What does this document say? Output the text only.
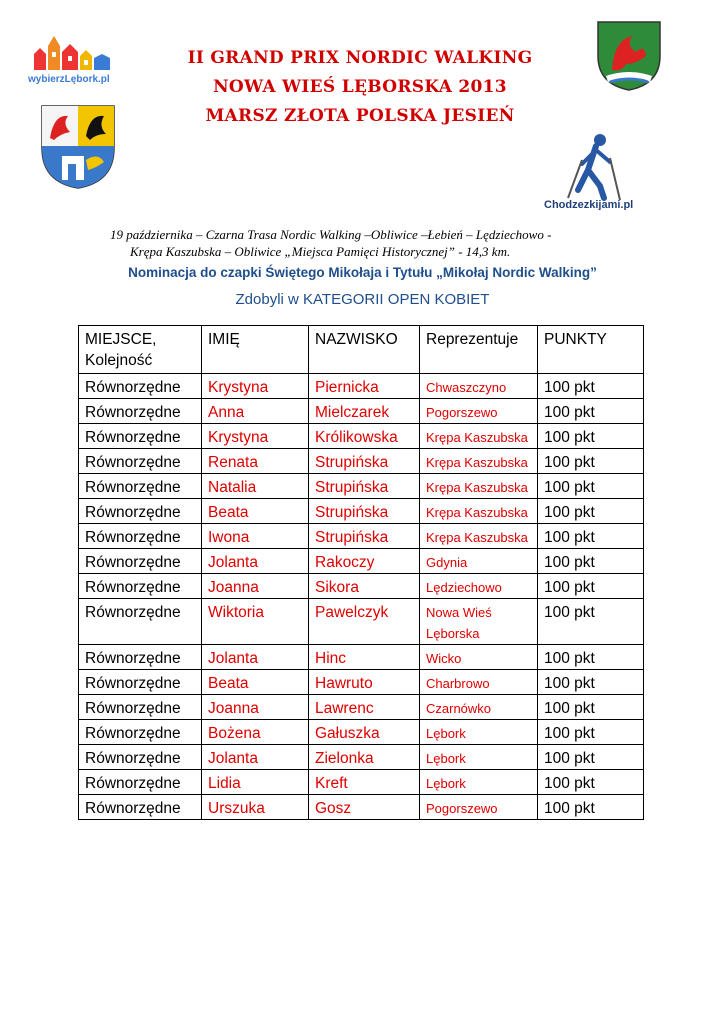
wybierzLębork.pl
Chodzezkijami.pl
II GRAND PRIX NORDIC WALKING
NOWA WIEŚ LĘBORSKA 2013
MARSZ ZŁOTA POLSKA JESIEŃ
19 października – Czarna Trasa Nordic Walking –Obliwice –Łebień – Lędziechowo -
Krępa Kaszubska – Obliwice „Miejsca Pamięci Historycznej” - 14,3 km.
Nominacja do czapki Świętego Mikołaja i Tytułu „Mikołaj Nordic Walking”
Zdobyli w KATEGORII OPEN KOBIET
MIEJSCE, Kolejność	IMIĘ	NAZWISKO	Reprezentuje	PUNKTY
Równorzędne	Krystyna	Piernicka	Chwaszczyno	100 pkt
Równorzędne	Anna	Mielczarek	Pogorszewo	100 pkt
Równorzędne	Krystyna	Królikowska	Krępa Kaszubska	100 pkt
Równorzędne	Renata	Strupińska	Krępa Kaszubska	100 pkt
Równorzędne	Natalia	Strupińska	Krępa Kaszubska	100 pkt
Równorzędne	Beata	Strupińska	Krępa Kaszubska	100 pkt
Równorzędne	Iwona	Strupińska	Krępa Kaszubska	100 pkt
Równorzędne	Jolanta	Rakoczy	Gdynia	100 pkt
Równorzędne	Joanna	Sikora	Lędziechowo	100 pkt
Równorzędne	Wiktoria	Pawelczyk	Nowa Wieś Lęborska	100 pkt
Równorzędne	Jolanta	Hinc	Wicko	100 pkt
Równorzędne	Beata	Hawruto	Charbrowo	100 pkt
Równorzędne	Joanna	Lawrenc	Czarnówko	100 pkt
Równorzędne	Bożena	Gałuszka	Lębork	100 pkt
Równorzędne	Jolanta	Zielonka	Lębork	100 pkt
Równorzędne	Lidia	Kreft	Lębork	100 pkt
Równorzędne	Urszuka	Gosz	Pogorszewo	100 pkt
